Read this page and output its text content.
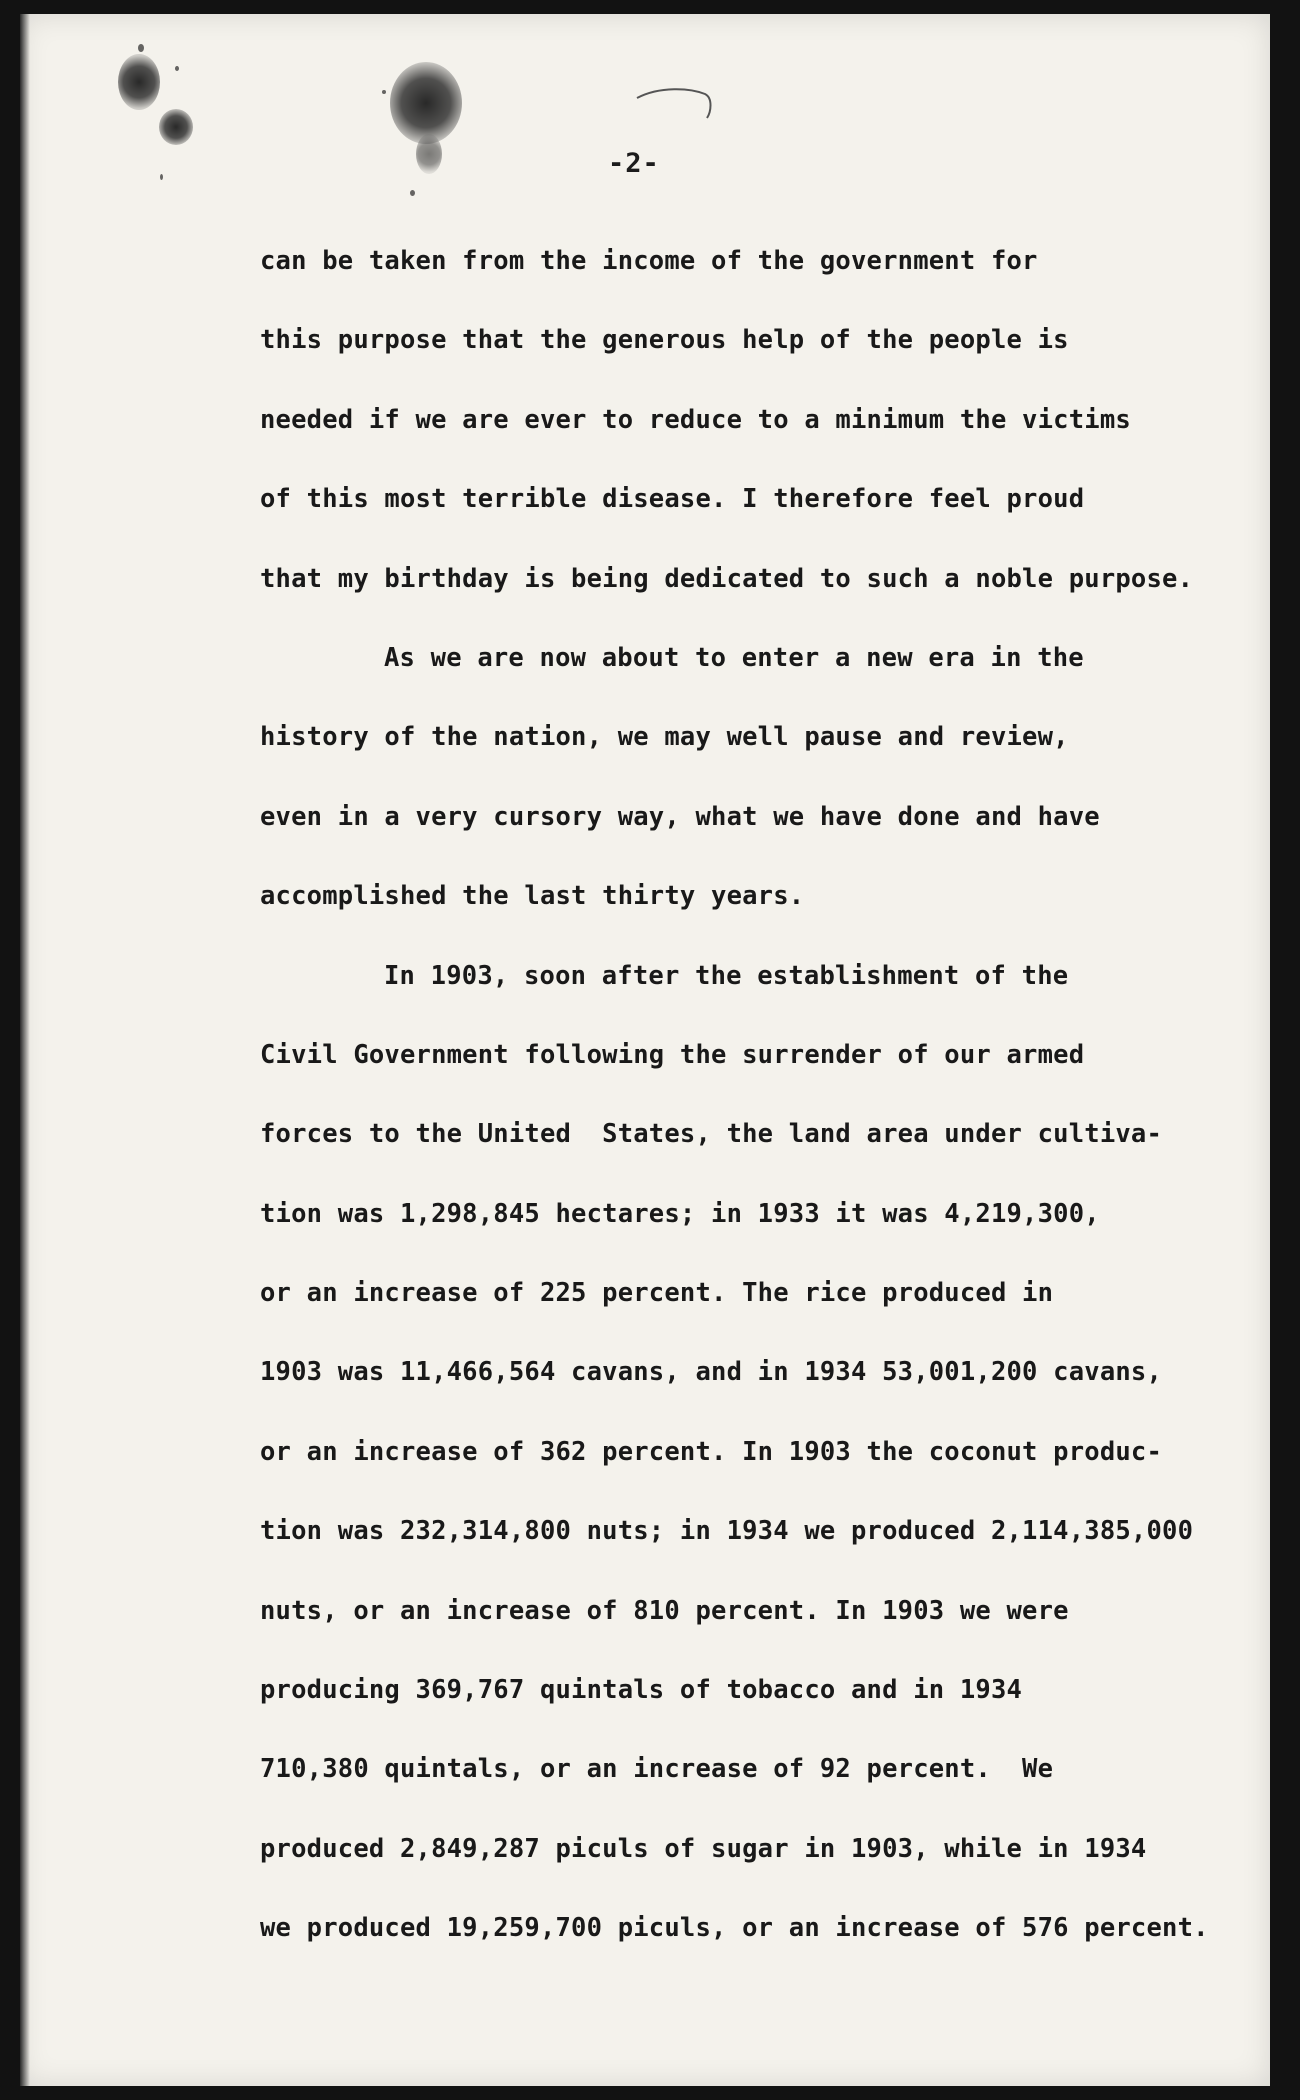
-2-
can be taken from the income of the government for
this purpose that the generous help of the people is
needed if we are ever to reduce to a minimum the victims
of this most terrible disease. I therefore feel proud
that my birthday is being dedicated to such a noble purpose.
As we are now about to enter a new era in the
history of the nation, we may well pause and review,
even in a very cursory way, what we have done and have
accomplished the last thirty years.
In 1903, soon after the establishment of the
Civil Government following the surrender of our armed
forces to the United  States, the land area under cultiva-
tion was 1,298,845 hectares; in 1933 it was 4,219,300,
or an increase of 225 percent. The rice produced in
1903 was 11,466,564 cavans, and in 1934 53,001,200 cavans,
or an increase of 362 percent. In 1903 the coconut produc-
tion was 232,314,800 nuts; in 1934 we produced 2,114,385,000
nuts, or an increase of 810 percent. In 1903 we were
producing 369,767 quintals of tobacco and in 1934
710,380 quintals, or an increase of 92 percent.  We
produced 2,849,287 piculs of sugar in 1903, while in 1934
we produced 19,259,700 piculs, or an increase of 576 percent.
